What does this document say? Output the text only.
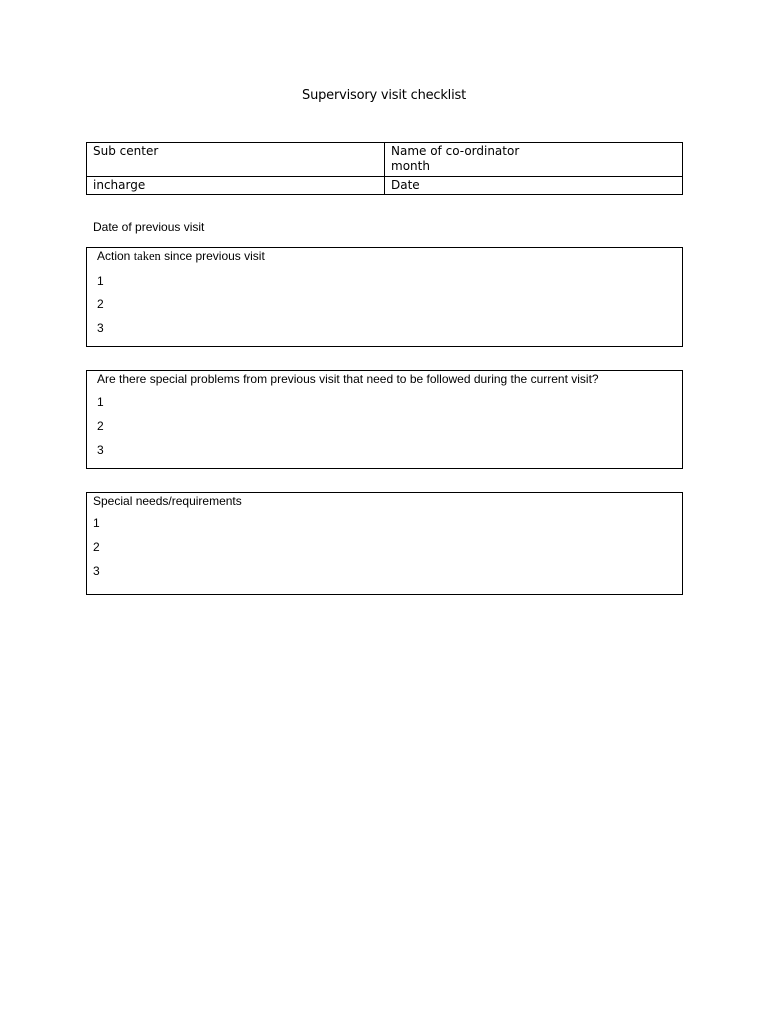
Supervisory visit checklist
Sub center	Name of co-ordinator
month

incharge	Date
Date of previous visit
Action taken since previous visit
1
2
3
Are there special problems from previous visit that need to be followed during the current visit?
1
2
3
Special needs/requirements
1
2
3
